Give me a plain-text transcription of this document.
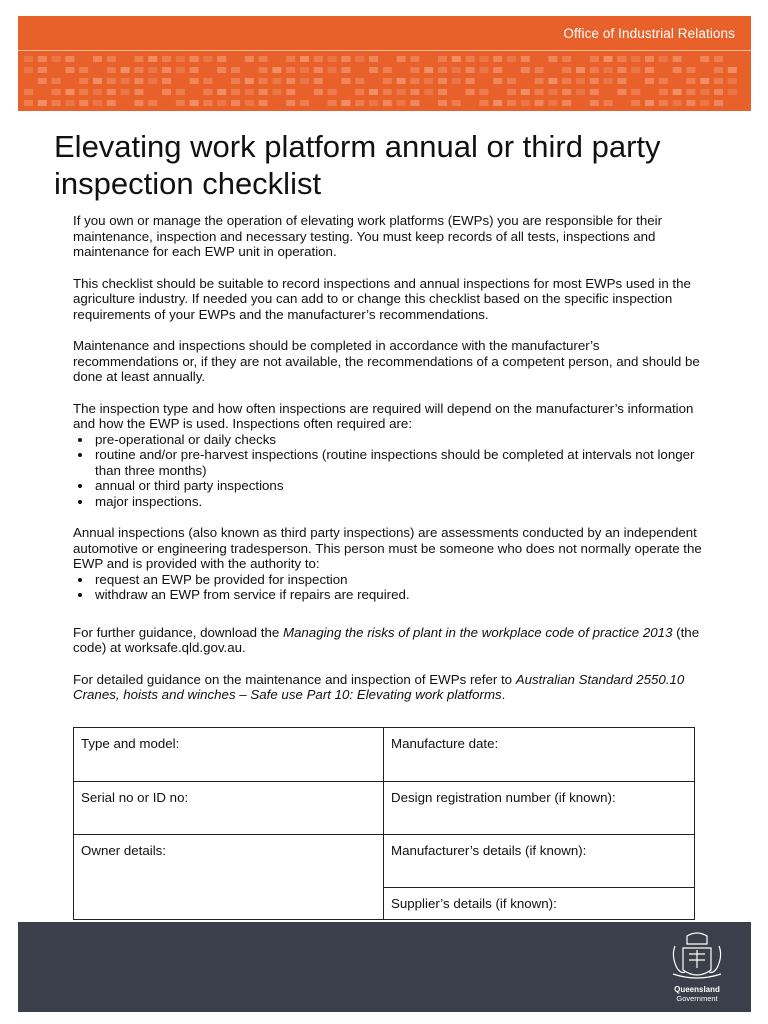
Office of Industrial Relations
Elevating work platform annual or third party inspection checklist

If you own or manage the operation of elevating work platforms (EWPs) you are responsible for their maintenance, inspection and necessary testing. You must keep records of all tests, inspections and maintenance for each EWP unit in operation.

This checklist should be suitable to record inspections and annual inspections for most EWPs used in the agriculture industry. If needed you can add to or change this checklist based on the specific inspection requirements of your EWPs and the manufacturer’s recommendations.

Maintenance and inspections should be completed in accordance with the manufacturer’s recommendations or, if they are not available, the recommendations of a competent person, and should be done at least annually.

The inspection type and how often inspections are required will depend on the manufacturer’s information and how the EWP is used. Inspections often required are:

• pre-operational or daily checks
• routine and/or pre-harvest inspections (routine inspections should be completed at intervals not longer than three months)
• annual or third party inspections
• major inspections.

Annual inspections (also known as third party inspections) are assessments conducted by an independent automotive or engineering tradesperson. This person must be someone who does not normally operate the EWP and is provided with the authority to:

• request an EWP be provided for inspection
• withdraw an EWP from service if repairs are required.

For further guidance, download the Managing the risks of plant in the workplace code of practice 2013 (the code) at worksafe.qld.gov.au.

For detailed guidance on the maintenance and inspection of EWPs refer to Australian Standard 2550.10 Cranes, hoists and winches – Safe use Part 10: Elevating work platforms.

Type and model:	Manufacture date:
Serial no or ID no:	Design registration number (if known):
Owner details:	Manufacturer’s details (if known):
	Supplier’s details (if known):
Queensland
Government
